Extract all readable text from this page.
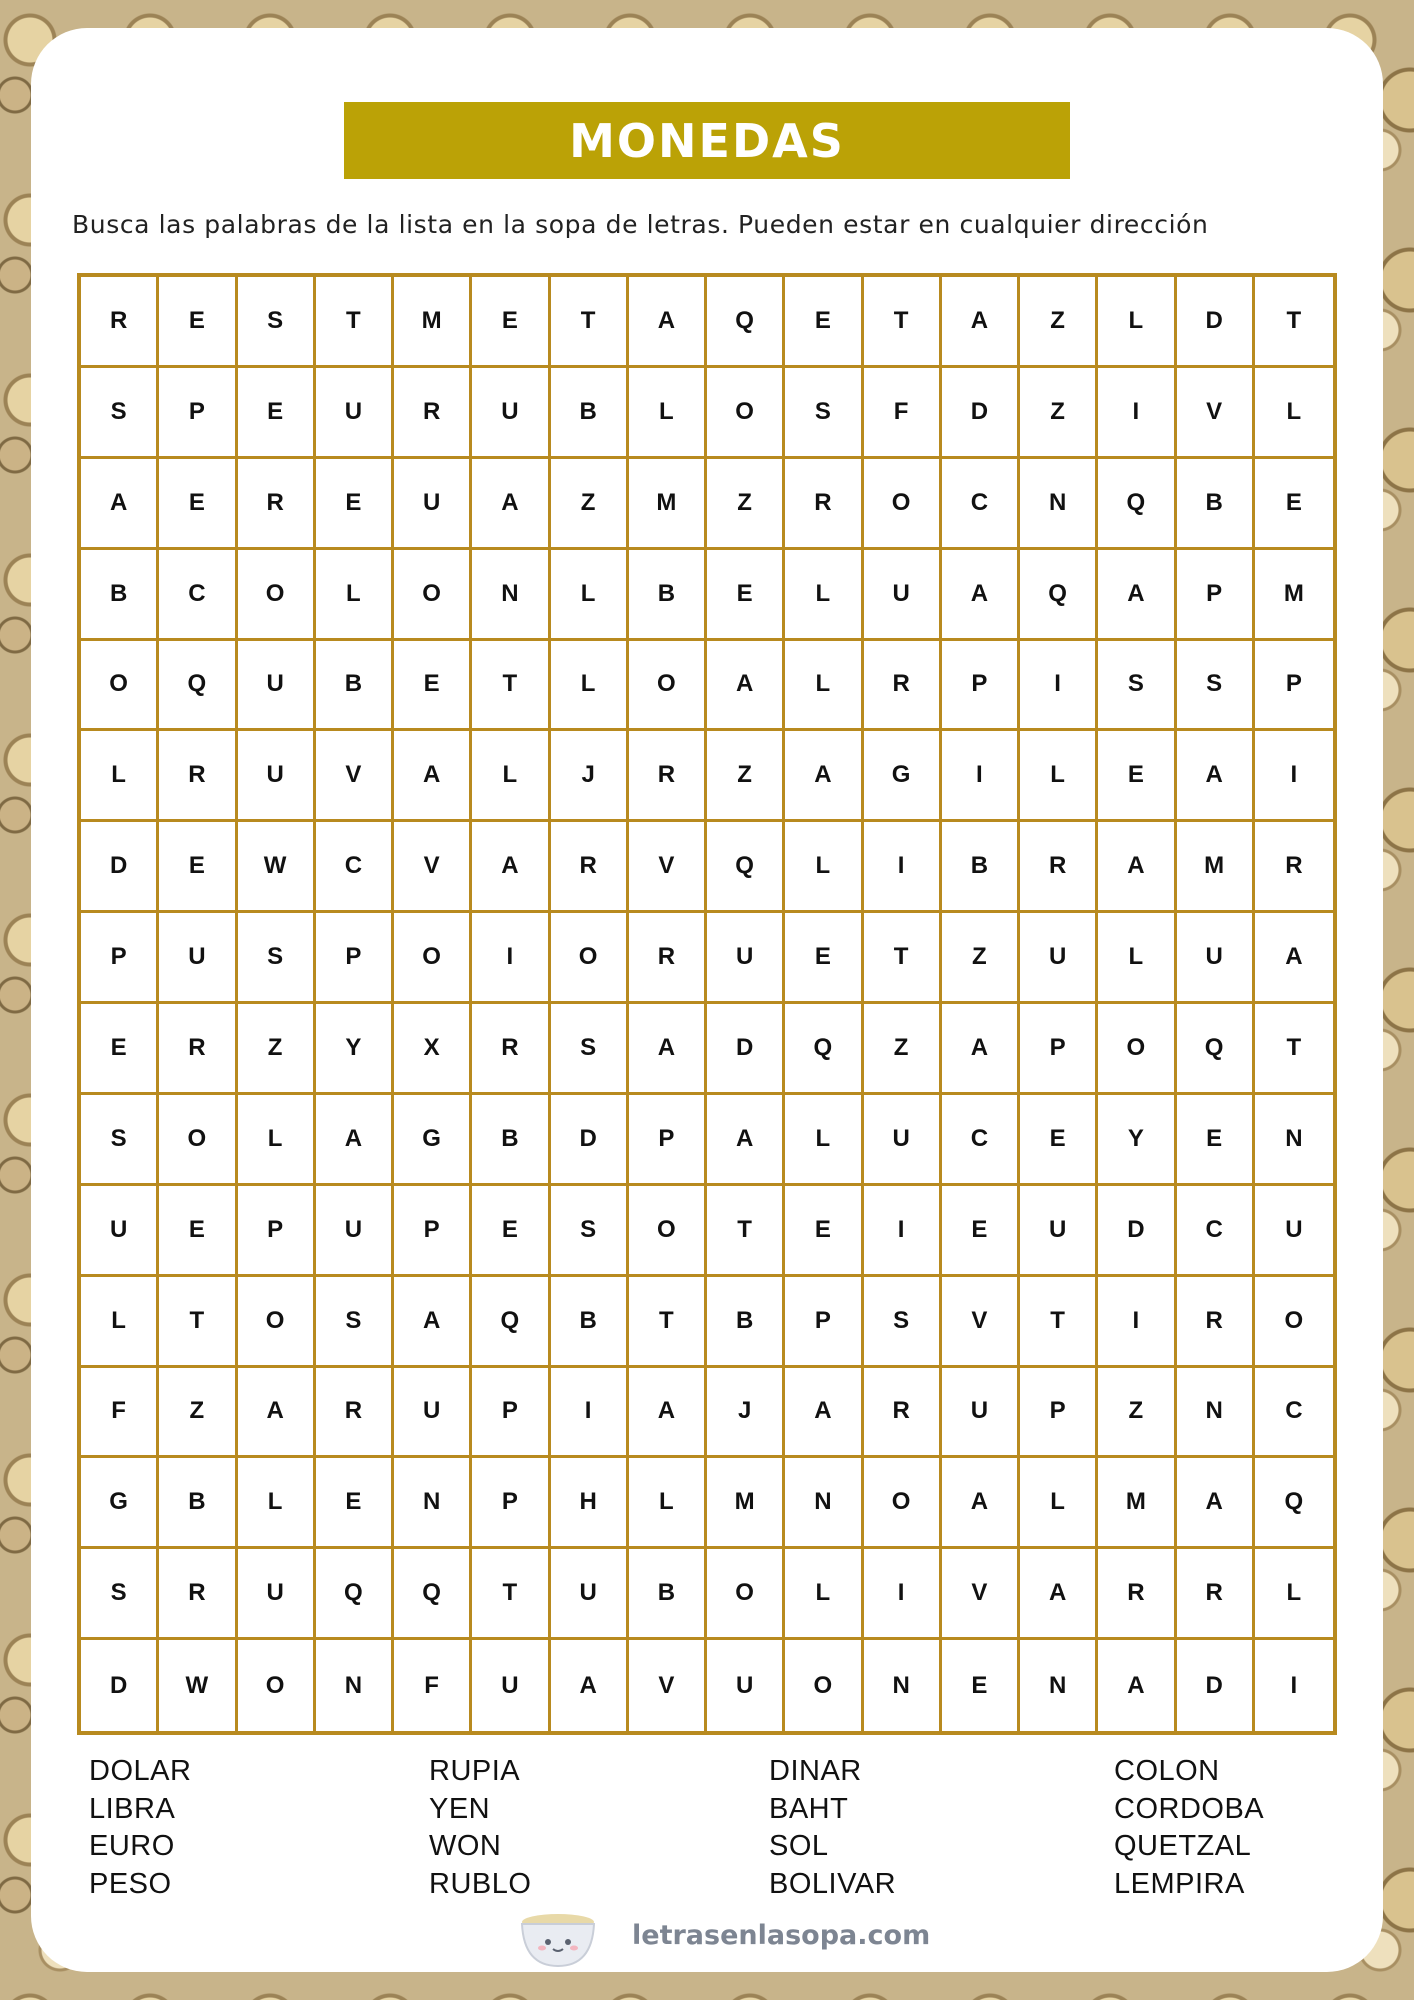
MONEDAS
Busca las palabras de la lista en la sopa de letras. Pueden estar en cualquier dirección
R	E	S	T	M	E	T	A	Q	E	T	A	Z	L	D	T
S	P	E	U	R	U	B	L	O	S	F	D	Z	I	V	L
A	E	R	E	U	A	Z	M	Z	R	O	C	N	Q	B	E
B	C	O	L	O	N	L	B	E	L	U	A	Q	A	P	M
O	Q	U	B	E	T	L	O	A	L	R	P	I	S	S	P
L	R	U	V	A	L	J	R	Z	A	G	I	L	E	A	I
D	E	W	C	V	A	R	V	Q	L	I	B	R	A	M	R
P	U	S	P	O	I	O	R	U	E	T	Z	U	L	U	A
E	R	Z	Y	X	R	S	A	D	Q	Z	A	P	O	Q	T
S	O	L	A	G	B	D	P	A	L	U	C	E	Y	E	N
U	E	P	U	P	E	S	O	T	E	I	E	U	D	C	U
L	T	O	S	A	Q	B	T	B	P	S	V	T	I	R	O
F	Z	A	R	U	P	I	A	J	A	R	U	P	Z	N	C
G	B	L	E	N	P	H	L	M	N	O	A	L	M	A	Q
S	R	U	Q	Q	T	U	B	O	L	I	V	A	R	R	L
D	W	O	N	F	U	A	V	U	O	N	E	N	A	D	I
DOLAR
LIBRA
EURO
PESO
RUPIA
YEN
WON
RUBLO
DINAR
BAHT
SOL
BOLIVAR
COLON
CORDOBA
QUETZAL
LEMPIRA
letrasenlasopa.com
